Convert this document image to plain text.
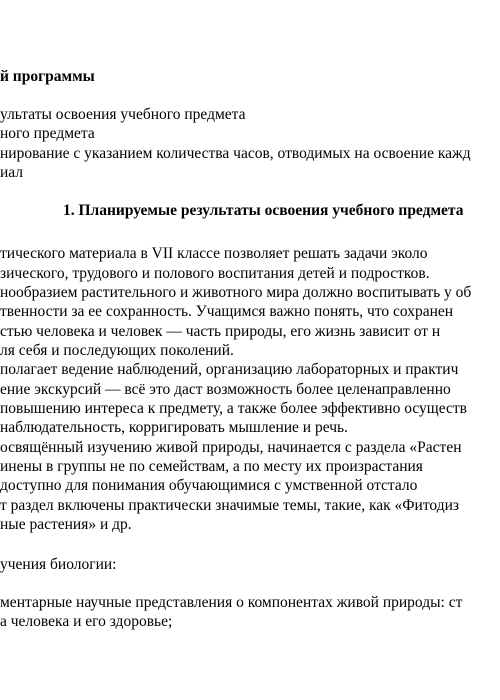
й программы
ультаты освоения учебного предмета
ного предмета
нирование с указанием количества часов, отводимых на освоение кажд
иал
1. Планируемые результаты освоения учебного предмета
тического материала в VII классе позволяет решать задачи эколо
зического, трудового и полового воспитания детей и подростков.
нообразием растительного и животного мира должно воспитывать у об
твенности за ее сохранность. Учащимся важно понять, что сохранен
стью человека и человек — часть природы, его жизнь зависит от н
ля себя и последующих поколений.
полагает ведение наблюдений, организацию лабораторных и практич
ение экскурсий — всё это даст возможность более целенаправленно
повышению интереса к предмету, а также более эффективно осуществ
наблюдательность, корригировать мышление и речь.
освящённый изучению живой природы, начинается с раздела «Растен
инены в группы не по семействам, а по месту их произрастания
доступно для понимания обучающимися с умственной отстало
т раздел включены практически значимые темы, такие, как «Фитодиз
ные растения» и др.
учения биологии:
ментарные научные представления о компонентах живой природы: ст
а человека и его здоровье;
